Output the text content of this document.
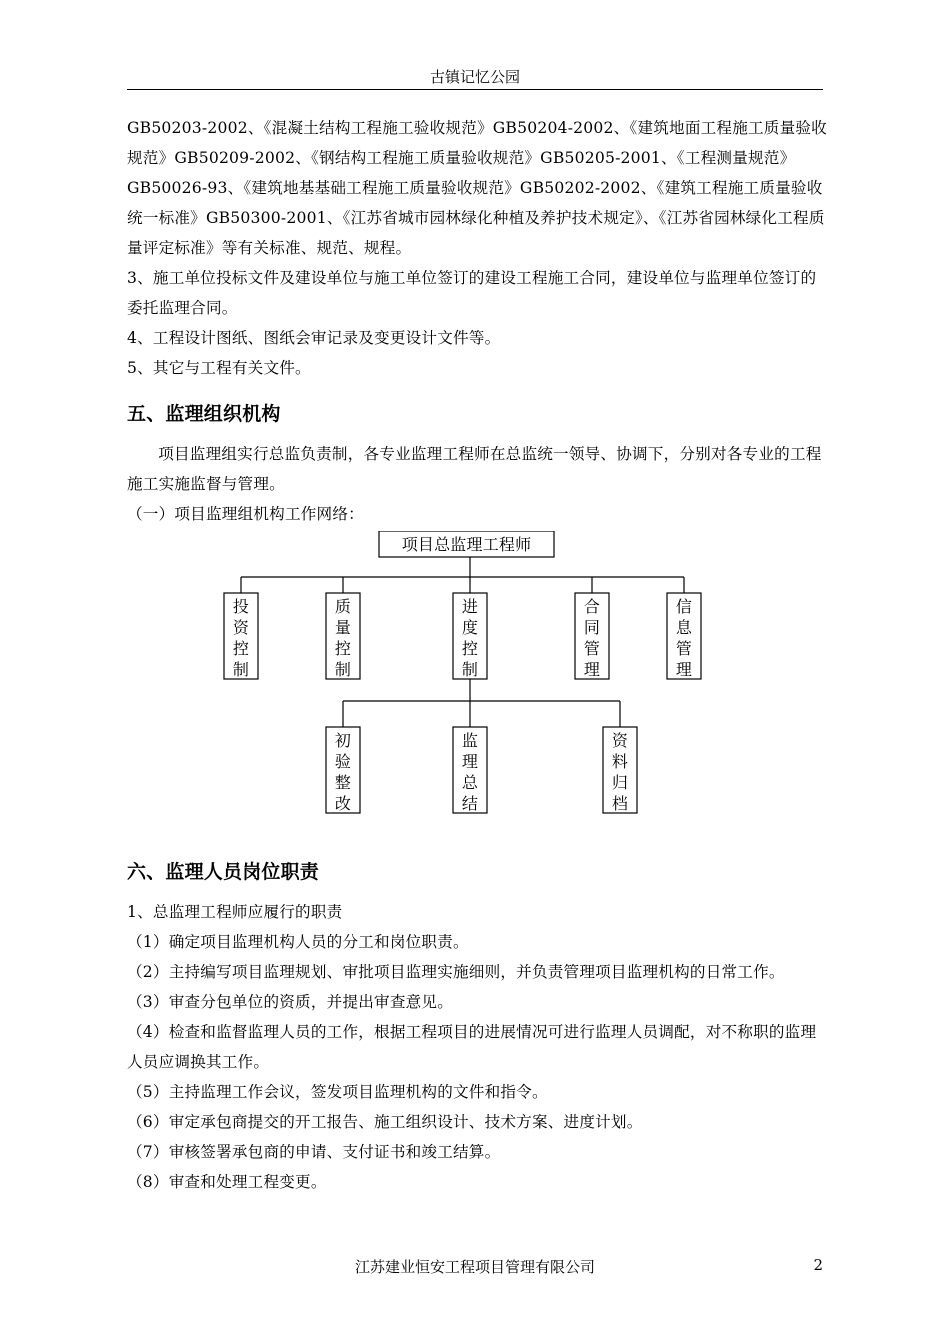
古镇记忆公园

GB50203-2002、《混凝土结构工程施工验收规范》GB50204-2002、《建筑地面工程施工质量验收规范》GB50209-2002、《钢结构工程施工质量验收规范》GB50205-2001、《工程测量规范》GB50026-93、《建筑地基基础工程施工质量验收规范》GB50202-2002、《建筑工程施工质量验收统一标准》GB50300-2001、《江苏省城市园林绿化种植及养护技术规定》、《江苏省园林绿化工程质量评定标准》等有关标准、规范、规程。

3、施工单位投标文件及建设单位与施工单位签订的建设工程施工合同，建设单位与监理单位签订的委托监理合同。

4、工程设计图纸、图纸会审记录及变更设计文件等。

5、其它与工程有关文件。

五、监理组织机构

项目监理组实行总监负责制，各专业监理工程师在总监统一领导、协调下，分别对各专业的工程施工实施监督与管理。

（一）项目监理组机构工作网络：

项目总监理工程师
投资控制
质量控制
进度控制
合同管理
信息管理
初验整改
监理总结
资料归档
六、监理人员岗位职责

1、总监理工程师应履行的职责

（1）确定项目监理机构人员的分工和岗位职责。

（2）主持编写项目监理规划、审批项目监理实施细则，并负责管理项目监理机构的日常工作。

（3）审查分包单位的资质，并提出审查意见。

（4）检查和监督监理人员的工作，根据工程项目的进展情况可进行监理人员调配，对不称职的监理人员应调换其工作。

（5）主持监理工作会议，签发项目监理机构的文件和指令。

（6）审定承包商提交的开工报告、施工组织设计、技术方案、进度计划。

（7）审核签署承包商的申请、支付证书和竣工结算。

（8）审查和处理工程变更。

江苏建业恒安工程项目管理有限公司	2
